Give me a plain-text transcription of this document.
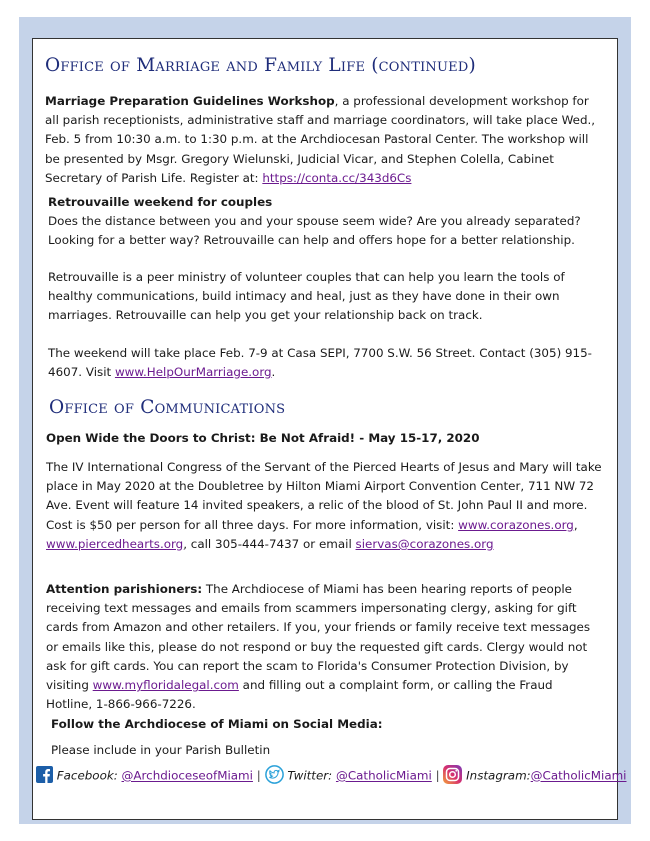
Office of Marriage and Family Life (continued)
Marriage Preparation Guidelines Workshop, a professional development workshop for all parish receptionists, administrative staff and marriage coordinators, will take place Wed., Feb. 5 from 10:30 a.m. to 1:30 p.m. at the Archdiocesan Pastoral Center. The workshop will be presented by Msgr. Gregory Wielunski, Judicial Vicar, and Stephen Colella, Cabinet Secretary of Parish Life. Register at: https://conta.cc/343d6Cs
Retrouvaille weekend for couples
Does the distance between you and your spouse seem wide? Are you already separated? Looking for a better way? Retrouvaille can help and offers hope for a better relationship.
Retrouvaille is a peer ministry of volunteer couples that can help you learn the tools of healthy communications, build intimacy and heal, just as they have done in their own marriages. Retrouvaille can help you get your relationship back on track.
The weekend will take place Feb. 7-9 at Casa SEPI, 7700 S.W. 56 Street. Contact (305) 915-4607. Visit www.HelpOurMarriage.org.
Office of Communications
Open Wide the Doors to Christ: Be Not Afraid! - May 15-17, 2020
The IV International Congress of the Servant of the Pierced Hearts of Jesus and Mary will take place in May 2020 at the Doubletree by Hilton Miami Airport Convention Center, 711 NW 72 Ave. Event will feature 14 invited speakers, a relic of the blood of St. John Paul II and more. Cost is $50 per person for all three days. For more information, visit: www.corazones.org, www.piercedhearts.org, call 305-444-7437 or email siervas@corazones.org
Attention parishioners: The Archdiocese of Miami has been hearing reports of people receiving text messages and emails from scammers impersonating clergy, asking for gift cards from Amazon and other retailers. If you, your friends or family receive text messages or emails like this, please do not respond or buy the requested gift cards. Clergy would not ask for gift cards. You can report the scam to Florida's Consumer Protection Division, by visiting www.myfloridalegal.com and filling out a complaint form, or calling the Fraud Hotline, 1-866-966-7226.
Follow the Archdiocese of Miami on Social Media:
Please include in your Parish Bulletin
Facebook: @ArchdioceseofMiami | Twitter: @CatholicMiami | Instagram:@CatholicMiami
